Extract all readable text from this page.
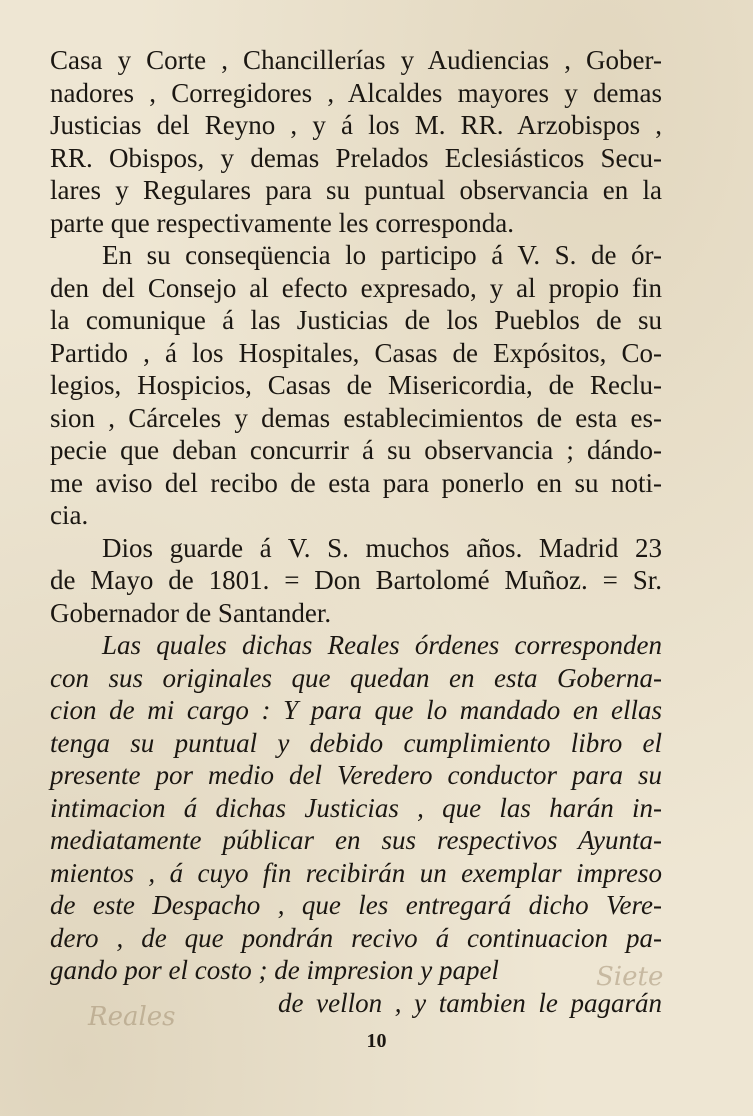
Casa y Corte , Chancillerías y Audiencias , Gober-
nadores , Corregidores , Alcaldes mayores y demas
Justicias del Reyno , y á los M. RR. Arzobispos ,
RR. Obispos, y demas Prelados Eclesiásticos Secu-
lares y Regulares para su puntual observancia en la
parte que respectivamente les corresponda.
En su conseqüencia lo participo á V. S. de ór-
den del Consejo al efecto expresado, y al propio fin
la comunique á las Justicias de los Pueblos de su
Partido , á los Hospitales, Casas de Expósitos, Co-
legios, Hospicios, Casas de Misericordia, de Reclu-
sion , Cárceles y demas establecimientos de esta es-
pecie que deban concurrir á su observancia ; dándo-
me aviso del recibo de esta para ponerlo en su noti-
cia.
Dios guarde á V. S. muchos años. Madrid 23
de Mayo de 1801. = Don Bartolomé Muñoz. = Sr.
Gobernador de Santander.
Las quales dichas Reales órdenes corresponden
con sus originales que quedan en esta Goberna-
cion de mi cargo : Y para que lo mandado en ellas
tenga su puntual y debido cumplimiento libro el
presente por medio del Veredero conductor para su
intimacion á dichas Justicias , que las harán in-
mediatamente públicar en sus respectivos Ayunta-
mientos , á cuyo fin recibirán un exemplar impreso
de este Despacho , que les entregará dicho Vere-
dero , de que pondrán recivo á continuacion pa-
gando por el costo ; de impresion y papel
de vellon , y tambien le pagarán
Siete
Reales
10
